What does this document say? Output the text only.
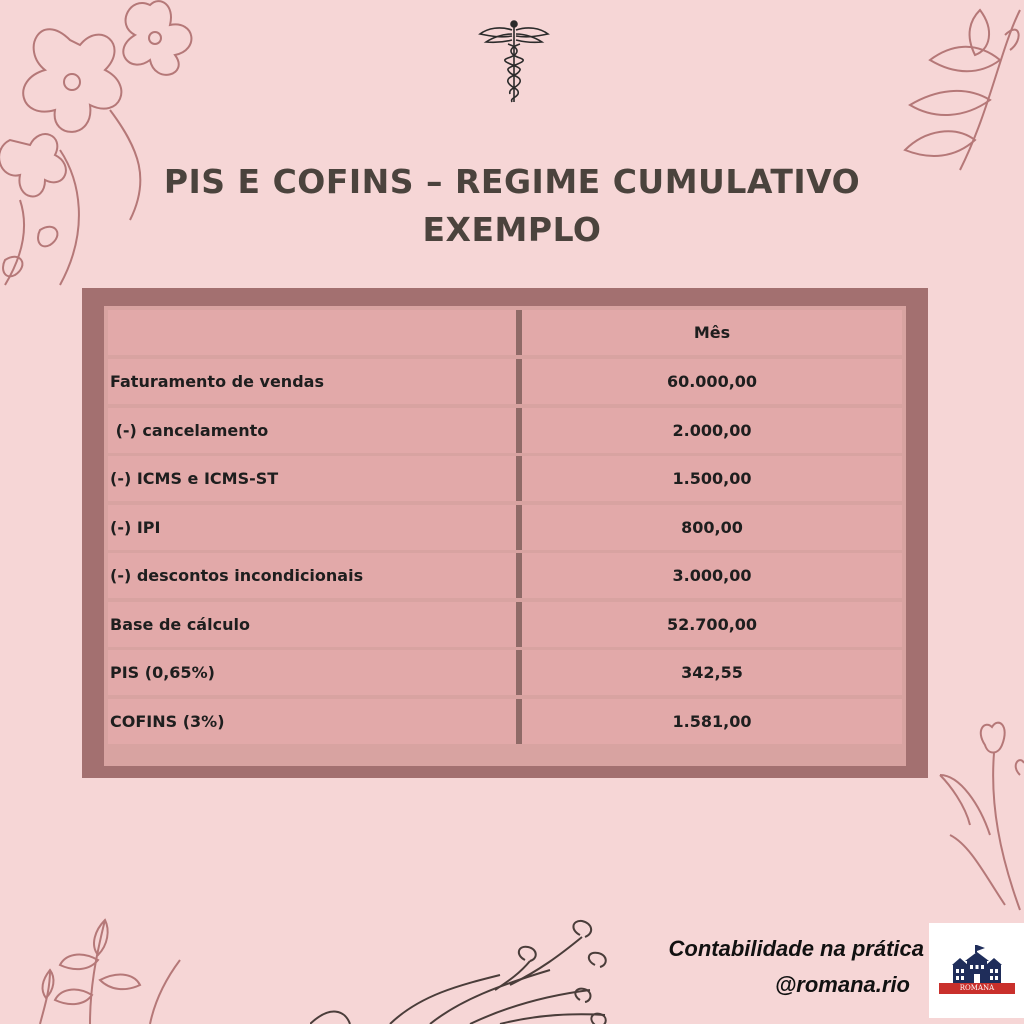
PIS E COFINS – REGIME CUMULATIVO
EXEMPLO
Mês
Faturamento de vendas	60.000,00
(-) cancelamento	2.000,00
(-) ICMS e ICMS-ST	1.500,00
(-) IPI	800,00
(-) descontos incondicionais	3.000,00
Base de cálculo	52.700,00
PIS (0,65%)	342,55
COFINS (3%)	1.581,00
Contabilidade na prática
@romana.rio	ROMANA
